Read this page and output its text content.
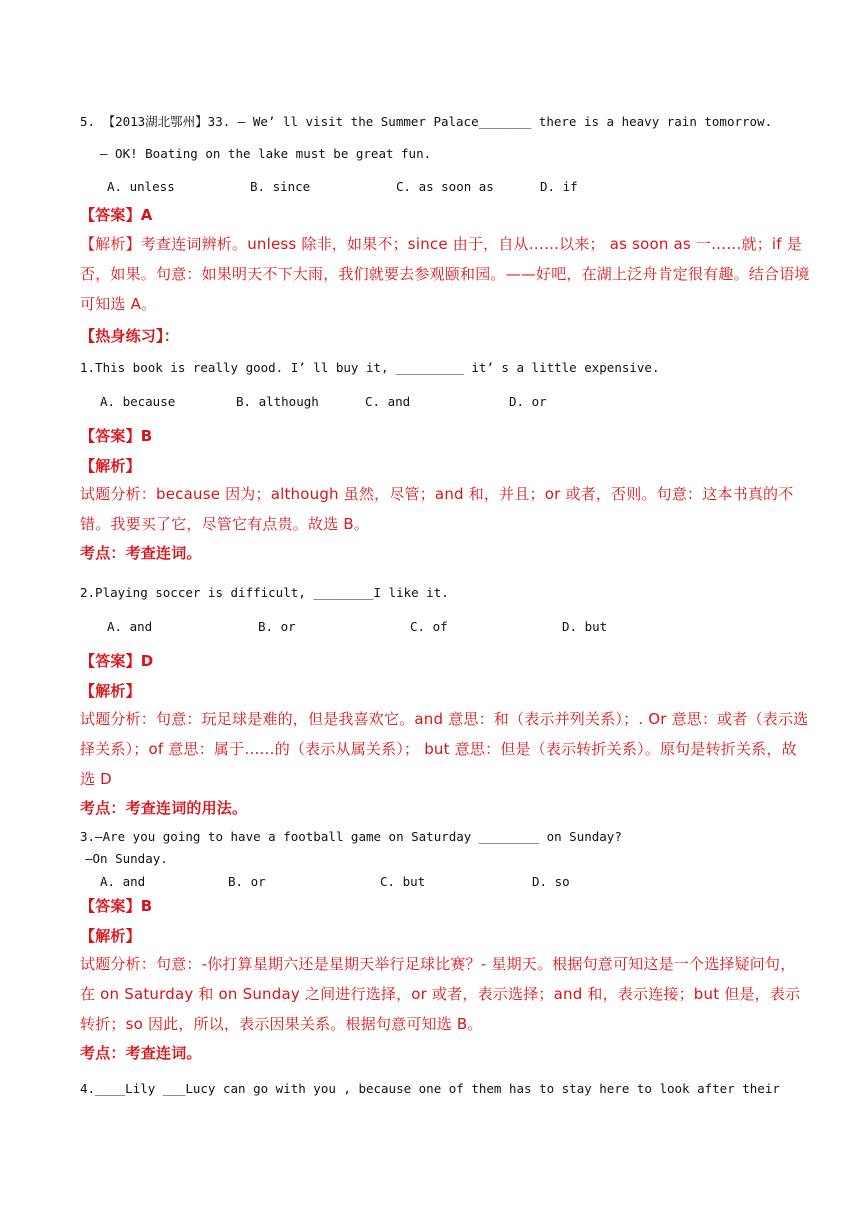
5. 【2013湖北鄂州】33. — We’ ll visit the Summer Palace_______ there is a heavy rain tomorrow.
— OK! Boating on the lake must be great fun.
A. unless	B. since	C. as soon as	D. if
【答案】A
【解析】考查连词辨析。unless 除非，如果不；since 由于，自从……以来； as soon as 一……就；if 是否，如果。句意：如果明天不下大雨，我们就要去参观颐和园。——好吧，在湖上泛舟肯定很有趣。结合语境可知选 A。
【热身练习】：
1.This book is really good. I’ ll buy it, _________ it’ s a little expensive.
A. because	B. although	C. and	D. or
【答案】B
【解析】
试题分析：because 因为；although 虽然，尽管；and 和，并且；or 或者，否则。句意：这本书真的不错。我要买了它，尽管它有点贵。故选 B。
考点：考查连词。
2.Playing soccer is difficult, ________I like it.
A. and	B. or	C. of	D. but
【答案】D
【解析】
试题分析：句意：玩足球是难的，但是我喜欢它。and 意思：和（表示并列关系）；. Or 意思：或者（表示选择关系）；of 意思：属于……的（表示从属关系）； but 意思：但是（表示转折关系）。原句是转折关系，故选 D
考点：考查连词的用法。
3.—Are you going to have a football game on Saturday ________ on Sunday?
—On Sunday.
A. and	B. or	C. but	D. so
【答案】B
【解析】
试题分析：句意：-你打算星期六还是星期天举行足球比赛？- 星期天。根据句意可知这是一个选择疑问句，在 on Saturday 和 on Sunday 之间进行选择，or 或者，表示选择；and 和，表示连接；but 但是，表示转折；so 因此，所以，表示因果关系。根据句意可知选 B。
考点：考查连词。
4.____Lily ___Lucy can go with you , because one of them has to stay here to look after their
